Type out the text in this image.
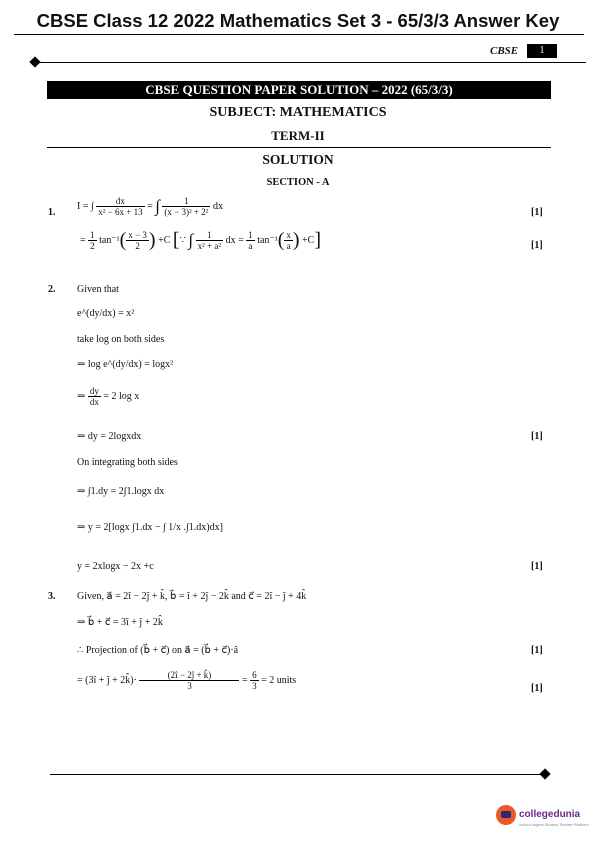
CBSE Class 12 2022 Mathematics Set 3 - 65/3/3 Answer Key
CBSE	1
CBSE QUESTION PAPER SOLUTION – 2022 (65/3/3)
SUBJECT: MATHEMATICS
TERM-II
SOLUTION
SECTION - A
1.
I = ∫ $\frac{dx}{\text{x² − 6x + 13}}$ = ∫ $\frac{1}{\text{(x − 3)² + 2²}}$ dx
[1]
= $\frac{1}{2} \tan^{-1}( \frac{x - 3}{2}$ ) +C [∵ ∫ $\frac{1}{\text{x² + a²}}$ dx = $\frac{1}{a} \tan^{-1}( \frac{x}{a}$ ) +C]	[1]
2. Given that
e^(dy/dx) = x²
take log on both sides
⇒ log e^(dy/dx) = logx²
⇒ $\frac{dy}{dx} = 2$ log x
⇒ dy = 2logxdx	[1]
On integrating both sides
⇒ ∫1.dy = 2∫1.logx dx
⇒ y = 2[logx ∫1.dx − ∫ 1/x .∫1.dx)dx]
y = 2xlogx − 2x +c	[1]
3. Given, a⃗ = 2î − 2ĵ + k̂, b⃗ = î + 2ĵ − 2k̂ and c⃗ = 2î − ĵ + 4k̂
⇒ b⃗ + c⃗ = 3î + ĵ + 2k̂
∴ Projection of (b⃗ + c⃗) on a⃗ = (b⃗ + c⃗)·â	[1]
= (3î + ĵ + 2k̂)· $\frac{(2î - 2ĵ + k̂)}{3} = \frac{6}{3} = 2$ units
[1]
collegedunia
India's largest Student Review Platform
